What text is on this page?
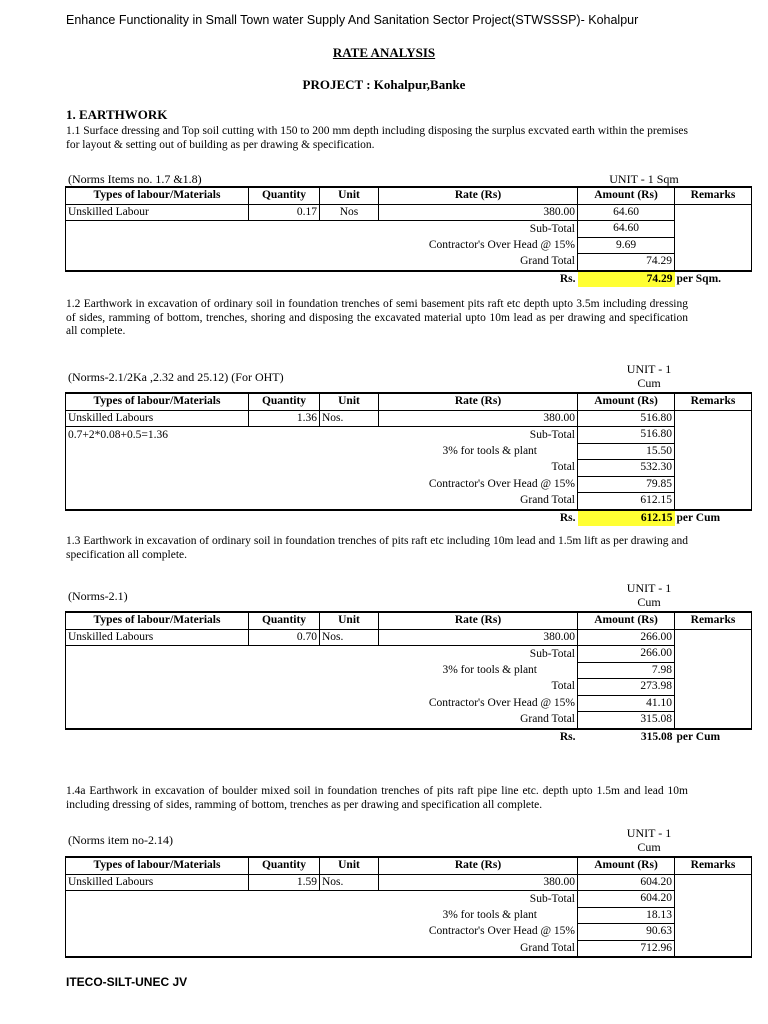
Enhance Functionality in Small Town water Supply And Sanitation Sector Project(STWSSSP)- Kohalpur
RATE ANALYSIS
PROJECT : Kohalpur,Banke
1. EARTHWORK
1.1 Surface dressing and Top soil cutting with 150 to 200 mm depth including disposing the surplus excvated earth within the premises for layout & setting out of building as per drawing & specification.
(Norms Items no. 1.7 &1.8)	UNIT - 1 Sqm
Types of labour/Materials	Quantity	Unit	Rate (Rs)	Amount (Rs)	Remarks
Unskilled Labour	0.17	Nos	380.00	64.60	
			Sub-Total	64.60	
			Contractor's Over Head @ 15%	9.69	
			Grand Total	74.29	
			Rs.	74.29	per Sqm.
1.2 Earthwork in excavation of ordinary soil in foundation trenches of semi basement pits raft etc depth upto 3.5m including dressing of sides, ramming of bottom, trenches, shoring and disposing the excavated material upto 10m lead as per drawing and specification all complete.
(Norms-2.1/2Ka ,2.32 and 25.12) (For OHT)
UNIT - 1 Cum
Types of labour/Materials	Quantity	Unit	Rate (Rs)	Amount (Rs)	Remarks
Unskilled Labours	1.36	Nos.	380.00	516.80	
0.7+2*0.08+0.5=1.36			Sub-Total	516.80	
			3% for tools & plant	15.50	
			Total	532.30	
			Contractor's Over Head @ 15%	79.85	
			Grand Total	612.15	
			Rs.	612.15	per Cum
1.3 Earthwork in excavation of ordinary soil in foundation trenches of pits raft etc including 10m lead and 1.5m lift as per drawing and specification all complete.
(Norms-2.1)
UNIT - 1 Cum
Types of labour/Materials	Quantity	Unit	Rate (Rs)	Amount (Rs)	Remarks
Unskilled Labours	0.70	Nos.	380.00	266.00	
			Sub-Total	266.00	
			3% for tools & plant	7.98	
			Total	273.98	
			Contractor's Over Head @ 15%	41.10	
			Grand Total	315.08	
			Rs.	315.08	per Cum
1.4a Earthwork in excavation of boulder mixed soil in foundation trenches of pits raft pipe line etc. depth upto 1.5m and lead 10m including dressing of sides, ramming of bottom, trenches as per drawing and specification all complete.
(Norms item no-2.14)	UNIT - 1 Cum
Types of labour/Materials	Quantity	Unit	Rate (Rs)	Amount (Rs)	Remarks
Unskilled Labours	1.59	Nos.	380.00	604.20	
			Sub-Total	604.20	
			3% for tools & plant	18.13	
			Contractor's Over Head @ 15%	90.63	
			Grand Total	712.96	
ITECO-SILT-UNEC JV
